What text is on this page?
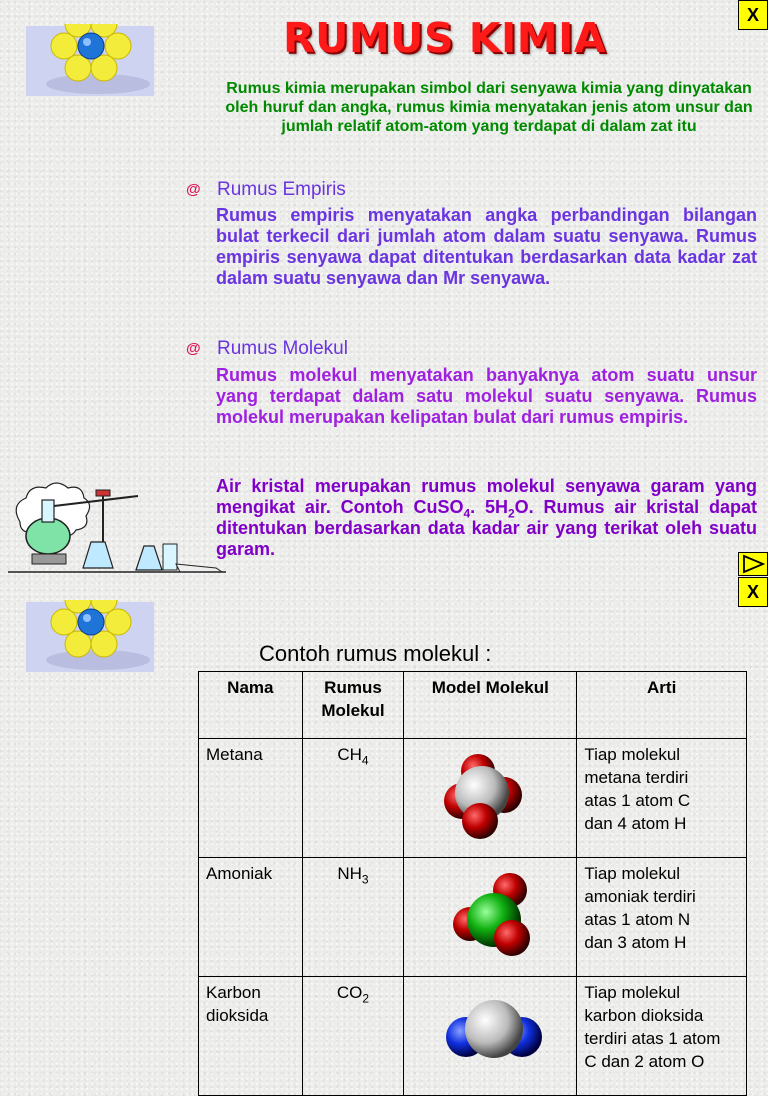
RUMUS KIMIA	X
Rumus kimia merupakan simbol dari senyawa kimia yang dinyatakan oleh huruf dan angka, rumus kimia menyatakan jenis atom unsur dan jumlah relatif atom-atom yang terdapat di dalam zat itu
@ Rumus Empiris
Rumus empiris menyatakan angka perbandingan bilangan bulat terkecil dari jumlah atom dalam suatu senyawa. Rumus empiris senyawa dapat ditentukan berdasarkan data kadar zat dalam suatu senyawa dan Mr senyawa.
@ Rumus Molekul
Rumus molekul menyatakan banyaknya atom suatu unsur yang terdapat dalam satu molekul suatu senyawa. Rumus molekul merupakan kelipatan bulat dari rumus empiris.
Air kristal merupakan rumus molekul senyawa garam yang mengikat air. Contoh CuSO$_4$. $5H_2O$. Rumus air kristal dapat ditentukan berdasarkan data kadar air yang terikat oleh suatu garam.
X
Contoh rumus molekul :
Nama	Rumus
Molekul	Model Molekul	Arti
Metana	$CH_4$		Tiap molekul
metana terdiri
atas 1 atom C
dan 4 atom H
Amoniak	$NH_3$		Tiap molekul
amoniak terdiri
atas 1 atom N
dan 3 atom H
Karbon
dioksida	$CO_2$		Tiap molekul
karbon dioksida
terdiri atas 1 atom
C dan 2 atom O
